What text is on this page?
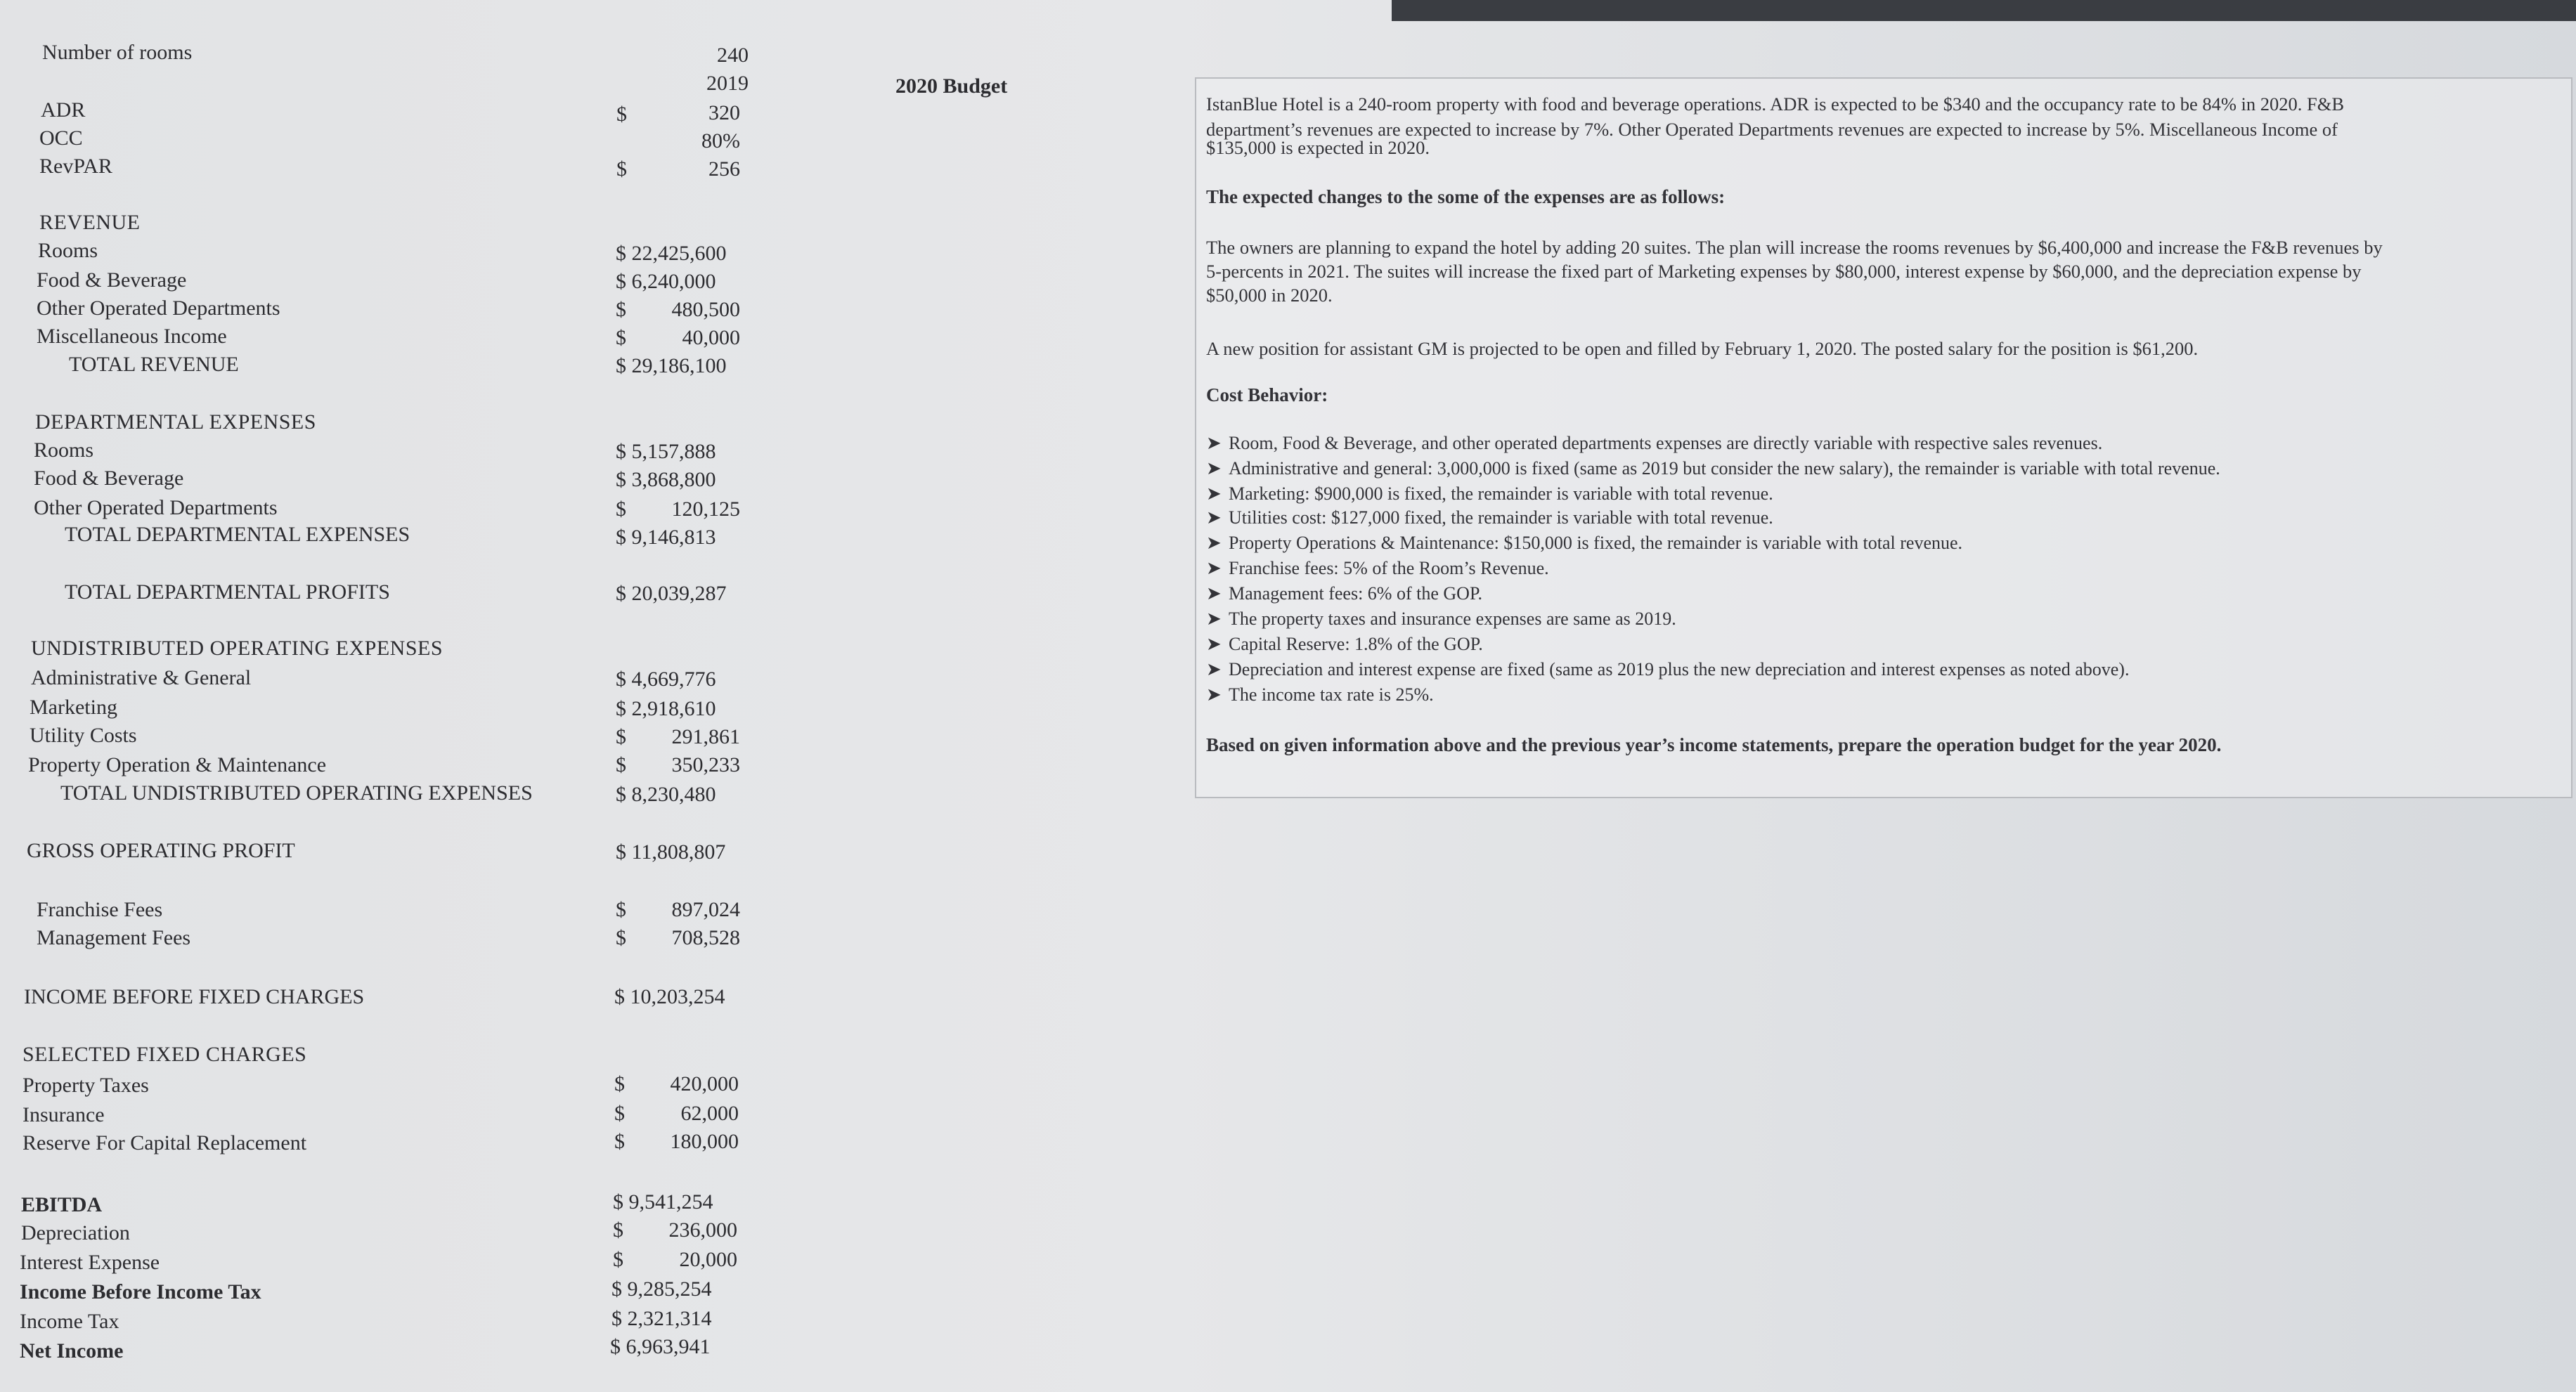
Number of rooms	240
2019
ADR	$	320
OCC	80%
RevPAR	$	256
2020 Budget
REVENUE
Rooms	$ 22,425,600
Food & Beverage	$ 6,240,000
Other Operated Departments	$ 480,500
Miscellaneous Income	$	40,000
TOTAL REVENUE	$ 29,186,100
DEPARTMENTAL EXPENSES
Rooms	$ 5,157,888
Food & Beverage	$ 3,868,800
Other Operated Departments	$ 120,125
TOTAL DEPARTMENTAL EXPENSES	$ 9,146,813
TOTAL DEPARTMENTAL PROFITS	$ 20,039,287
UNDISTRIBUTED OPERATING EXPENSES
Administrative & General	$ 4,669,776
Marketing	$ 2,918,610
Utility Costs	$ 291,861
Property Operation & Maintenance	$ 350,233
TOTAL UNDISTRIBUTED OPERATING EXPENSES	$ 8,230,480
GROSS OPERATING PROFIT	$ 11,808,807
Franchise Fees	$ 897,024
Management Fees	$ 708,528
INCOME BEFORE FIXED CHARGES	$ 10,203,254
SELECTED FIXED CHARGES
Property Taxes	$ 420,000
Insurance	$	62,000
Reserve For Capital Replacement	$ 180,000
EBITDA	$ 9,541,254
Depreciation	$ 236,000
Interest Expense	$	20,000
Income Before Income Tax	$ 9,285,254
Income Tax	$ 2,321,314
Net Income	$ 6,963,941
IstanBlue Hotel is a 240-room property with food and beverage operations. ADR is expected to be $340 and the occupancy rate to be 84% in 2020. F&B
department’s revenues are expected to increase by 7%. Other Operated Departments revenues are expected to increase by 5%. Miscellaneous Income of
$135,000 is expected in 2020.
The expected changes to the some of the expenses are as follows:
The owners are planning to expand the hotel by adding 20 suites. The plan will increase the rooms revenues by $6,400,000 and increase the F&B revenues by
5-percents in 2021. The suites will increase the fixed part of Marketing expenses by $80,000, interest expense by $60,000, and the depreciation expense by
$50,000 in 2020.
A new position for assistant GM is projected to be open and filled by February 1, 2020. The posted salary for the position is $61,200.
Cost Behavior:
➤ Room, Food & Beverage, and other operated departments expenses are directly variable with respective sales revenues.
➤ Administrative and general: 3,000,000 is fixed (same as 2019 but consider the new salary), the remainder is variable with total revenue.
➤ Marketing: $900,000 is fixed, the remainder is variable with total revenue.
➤ Utilities cost: $127,000 fixed, the remainder is variable with total revenue.
➤ Property Operations & Maintenance: $150,000 is fixed, the remainder is variable with total revenue.
➤ Franchise fees: 5% of the Room’s Revenue.
➤ Management fees: 6% of the GOP.
➤ The property taxes and insurance expenses are same as 2019.
➤ Capital Reserve: 1.8% of the GOP.
➤ Depreciation and interest expense are fixed (same as 2019 plus the new depreciation and interest expenses as noted above).
➤ The income tax rate is 25%.
Based on given information above and the previous year’s income statements, prepare the operation budget for the year 2020.
